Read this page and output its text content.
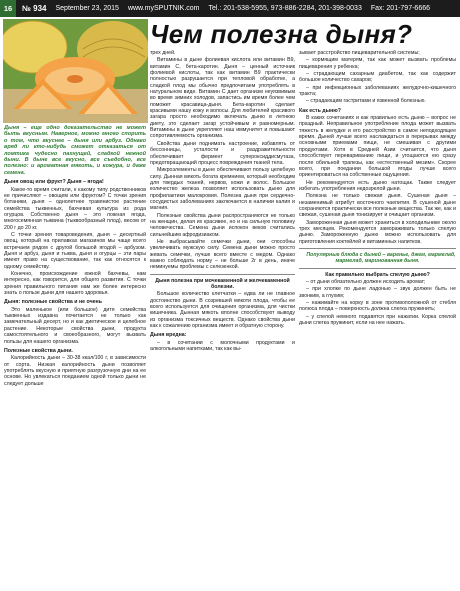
16	№ 934 September 23, 2015 www.mySPUTNIK.com Tel.: 201-538-5955, 973-886-2284, 201-398-0033 Fax: 201-797-6666
Чем полезна дыня?

Дыня – еще одно доказательство не может быть вкусным. Наверное, можно много спорить о том, что вкуснее – дыня или арбуз. Однако вряд ли кто-нибудь сможет отказаться от ломтика чудесно пахнущей, сладкой нежной дыни. В дыне все вкусно, все съедобно, все полезно: и ароматная мякоть, и кожура, и даже семена.

Дыня овощ или фрукт? Дыня – ягода!

Какое-то время считали, к какому типу родственников ее причисляют – овощем или фруктом? С точки зрения ботаники, дыня – однолетнее травянистое растение семейства тыквенных, бахчевая культура из рода огурцов. Собственно дыня – это ложная ягода, многосемянная тыквина (тыквообразный плод), весом от 200 г до 20 кг.

С точки зрения товароведения, дыня – десертный овощ, который на прилавках магазинов мы чаще всего встречаем рядом с другой большой ягодой – арбузом. Дыня и арбуз, дыня и тыква, дыня и огурцы – эти пары имеют право на существование, так как относятся к одному семейству.

Конечно, происхождение южной бахчевы, нам интересно, как говорится, для общего развития. С точки зрения правильного питания нам же более интересно знать о пользе дыни для нашего здоровья.

Дыня: полезные свойства и не очень

Это маленькое (или большое) дитя семейства тыквенных издавна почитается не только как замечательный десерт, но и как диетическое и целебное растение. Некоторые свойства дыни, продукта самостоятельного и своеобразного, могут вызвать пользы для нашего организма.

Полезные свойства дыни.

Калорийность дыни – 30-38 ккал/100 г, в зависимости от сорта. Низкая калорийность дыни позволяет употреблять вкусную и приятную разгрузочную дни на ее основе. Но увлекаться поеданием одной только дыни не следует дольше

трех дней.

Витамины в дыне фолиевая кислота или витамин В9, витамин С, бета-каротин. Дыня – ценный источник фолиевой кислоты, так как витамин В9 практически полностью разрушается при тепловой обработке, а сладкой плод мы обычно предпочитаем употреблять в натуральном виде. Витамин С дает организм неуязвимым во время зимних холодов, запастись им время более чем поможет красавица-дыня. Бета-каротин сделает красивыми нашу кожу и волосы. Для любителей красивого загара просто необходимо включать дыню в летнюю диету, это сделает загар устойчивым и равномерным. Витамины в дыне укрепляют наш иммунитет и повышают сопротивляемость организма.

Свойства дыни поднимать настроение, избавлять от бессонницы, усталости и раздражительности обеспечивает фермент супероксиддисмутаза, предотвращающий процесс повреждения тканей тела.

Микроэлементы в дыне обеспечивают пользу целебную силу. Дынная мякоть богата кремнием, который необходим для твердых тканей, нервов, кожи и волос. Большое количество железа позволяет использовать дыню для профилактики малокровия. Полезна дыня при сердечно-сосудистых заболеваниях заключается в наличии калия и магния.

Полезные свойства дыни распространяются не только на женщин, делая их красивее, но и на сильную половину человечества. Семена дыни испокон веков считались сильнейшим афродизиаком.

Не выбрасывайте семечки дыни, они способны увеличивать мужскую силу. Семена дыни можно просто жевать семечки, лучше всего вместе с медом. Однако важно соблюдать норму – не больше 2г в день, иначе неминуемы проблемы с селезенкой.

Дыня полезна при мочекаменной и желчекаменной болезни.

Большое количество клетчатки – едва ли не главное достоинство дыни. В созревшей мякоти плода, чтобы ее всего используется для очищения организма, для чистки кишечника. Дынная мякоть вполне способствуют выводу из организма токсичных веществ. Однако свойства дыни как к сожалению организма имеет и обратную сторону.

Дыня вредна:

– в сочетании с молочными продуктами и алкогольными напитками, так как вы-

зывает расстройство пищеварительной системы;

– кормящим матерям, так как может вызвать проблемы пищеварения у ребенка;

– страдающим сахарным диабетом, так как содержит большое количество сахаров;

– при инфекционных заболеваниях желудочно-кишечного тракта;

– страдающим гастритами и язвенной болезнью.

Как есть дыню?

В каких сочетаниях и как правильно есть дыню – вопрос не праздный. Неправильное употребление плода может вызвать тяжесть в желудке и его расстройство в самое неподходящее время. Дыней лучше всего наслаждаться в перерывах между основными приемами пищи, не смешивая с другими продуктами. Хотя в Средней Азии считается, что дыня способствует перевариванию пищи, и угощаются ею сразу после обильной трапезы, как «естественный мезим». Скорее всего, при поедании большой ягоды лучше всего ориентироваться на собственные ощущения.

Не рекомендуется есть дыню натощак. Также следует избегать употребления недозрелой дыни.

Полезна не только свежая дыня. Сушеная дыня – незаменимый атрибут восточного чаепития. В сушеной дыне сохраняются практически все полезные вещества. Так же, как и свежая, сушеная дыня тонизирует и очищает организм.

Замороженная дыня может храниться в холодильнике около трех месяцев. Рекомендуется замораживать только спелую дыню. Замороженную дыню можно использовать для приготовления коктейлей и витаминных напитков.

Популярные блюда с дыней – варенье, джем, мармелад, мармелад, маринованная дыня.

Как правильно выбрать спелую дыню?

– от дыни обязательно должен исходить аромат;

– при хлопке по дыне ладонью – звук должен быть не звонким, а глухим;

– нажимайте на корку в зоне противоположной от стебля полюса плода – поверхность должна слегка пружинить;

– у спелой немного подавятся при нажатии. Корка спелой дыни слегка пружинит, если на нее нажать.
